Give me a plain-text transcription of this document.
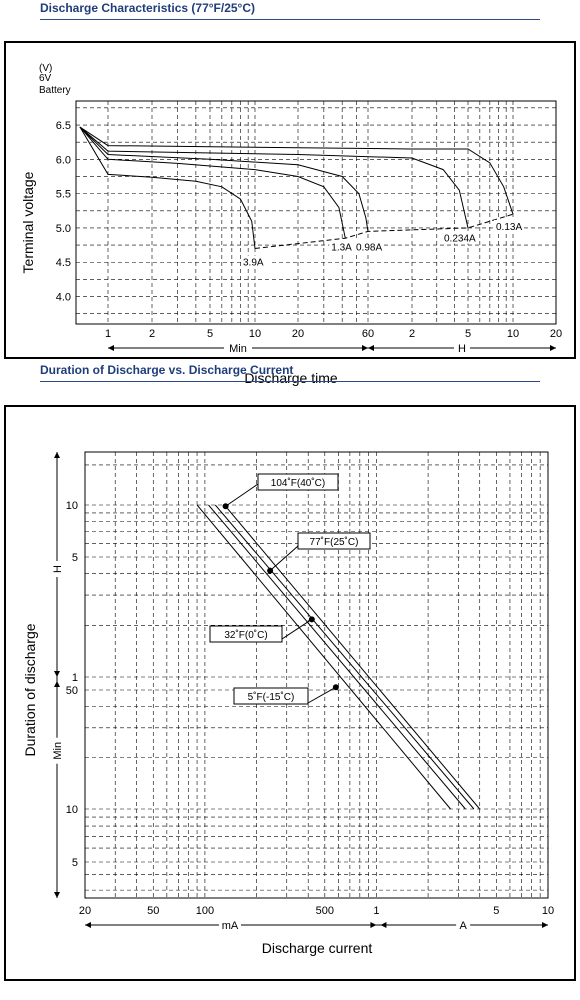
Discharge Characteristics (77°F/25°C)
6.5
6.0
5.5
5.0
4.5
4.0
1	2	5	10	20	60	2	5	10	20
(V)
6V
Battery
Terminal voltage
Min	H
Discharge time
3.9A
1.3A 0.98A
0.234A
0.13A
Duration of Discharge vs. Discharge Current
20	50	100	500	1	5	10
10
5
1
50
10
5
H
Min
Duration of discharge
mA	A
Discharge current
104˚F(40˚C)
77˚F(25˚C)
32˚F(0˚C)
5˚F(-15˚C)
